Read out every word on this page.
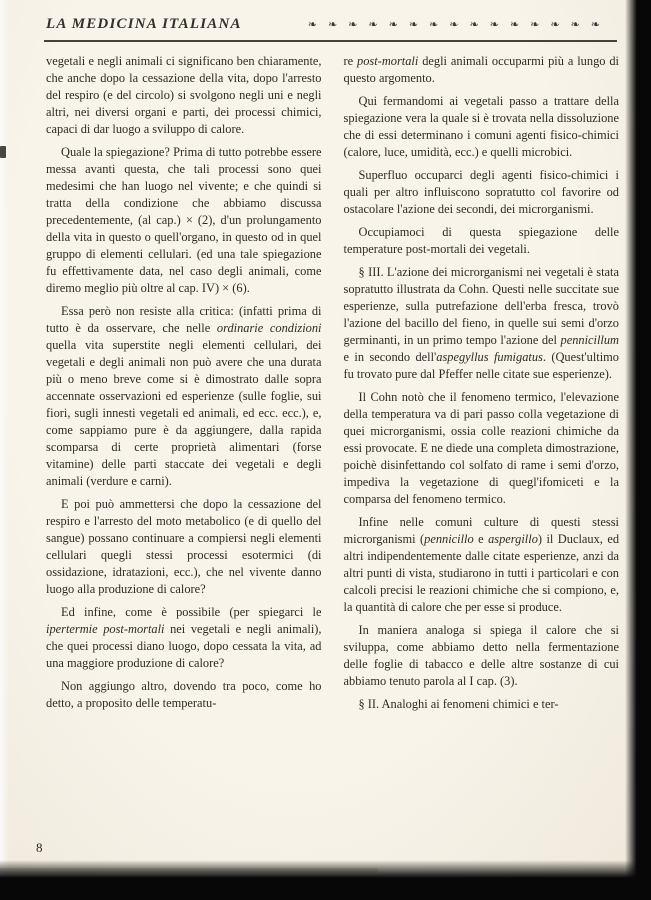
LA MEDICINA ITALIANA	❧❧❧❧❧❧❧❧❧❧❧❧❧❧❧

vegetali e negli animali ci significano ben chiaramente, che anche dopo la cessazione della vita, dopo l'arresto del respiro (e del circolo) si svolgono negli uni e negli altri, nei diversi organi e parti, dei processi chimici, capaci di dar luogo a sviluppo di calore.

Quale la spiegazione? Prima di tutto potrebbe essere messa avanti questa, che tali processi sono quei medesimi che han luogo nel vivente; e che quindi si tratta della condizione che abbiamo discussa precedentemente, (al cap.) × (2), d'un prolungamento della vita in questo o quell'organo, in questo od in quel gruppo di elementi cellulari. (ed una tale spiegazione fu effettivamente data, nel caso degli animali, come diremo meglio più oltre al cap. IV) × (6).

Essa però non resiste alla critica: (infatti prima di tutto è da osservare, che nelle ordinarie condizioni quella vita superstite negli elementi cellulari, dei vegetali e degli animali non può avere che una durata più o meno breve come si è dimostrato dalle sopra accennate osservazioni ed esperienze (sulle foglie, sui fiori, sugli innesti vegetali ed animali, ed ecc. ecc.), e, come sappiamo pure è da aggiungere, dalla rapida scomparsa di certe proprietà alimentari (forse vitamine) delle parti staccate dei vegetali e degli animali (verdure e carni).

E poi può ammettersi che dopo la cessazione del respiro e l'arresto del moto metabolico (e di quello del sangue) possano continuare a compiersi negli elementi cellulari quegli stessi processi esotermici (di ossidazione, idratazioni, ecc.), che nel vivente danno luogo alla produzione di calore?

Ed infine, come è possibile (per spiegarci le ipertermie post-mortali nei vegetali e negli animali), che quei processi diano luogo, dopo cessata la vita, ad una maggiore produzione di calore?

Non aggiungo altro, dovendo tra poco, come ho detto, a proposito delle temperatu-

re post-mortali degli animali occuparmi più a lungo di questo argomento.

Qui fermandomi ai vegetali passo a trattare della spiegazione vera la quale si è trovata nella dissoluzione che di essi determinano i comuni agenti fisico-chimici (calore, luce, umidità, ecc.) e quelli microbici.

Superfluo occuparci degli agenti fisico-chimici i quali per altro influiscono sopratutto col favorire od ostacolare l'azione dei secondi, dei microrganismi.

Occupiamoci di questa spiegazione delle temperature post-mortali dei vegetali.

§ III. L'azione dei microrganismi nei vegetali è stata sopratutto illustrata da Cohn. Questi nelle succitate sue esperienze, sulla putrefazione dell'erba fresca, trovò l'azione del bacillo del fieno, in quelle sui semi d'orzo germinanti, in un primo tempo l'azione del pennicillum e in secondo dell'aspegyllus fumigatus. (Quest'ultimo fu trovato pure dal Pfeffer nelle citate sue esperienze).

Il Cohn notò che il fenomeno termico, l'elevazione della temperatura va di pari passo colla vegetazione di quei microrganismi, ossia colle reazioni chimiche da essi provocate. E ne diede una completa dimostrazione, poichè disinfettando col solfato di rame i semi d'orzo, impediva la vegetazione di quegl'ifomiceti e la comparsa del fenomeno termico.

Infine nelle comuni culture di questi stessi microrganismi (pennicillo e aspergillo) il Duclaux, ed altri indipendentemente dalle citate esperienze, anzi da altri punti di vista, studiarono in tutti i particolari e con calcoli precisi le reazioni chimiche che si compiono, e, la quantità di calore che per esse si produce.

In maniera analoga si spiega il calore che si sviluppa, come abbiamo detto nella fermentazione delle foglie di tabacco e delle altre sostanze di cui abbiamo tenuto parola al I cap. (3).

§ II. Analoghi ai fenomeni chimici e ter-

8
